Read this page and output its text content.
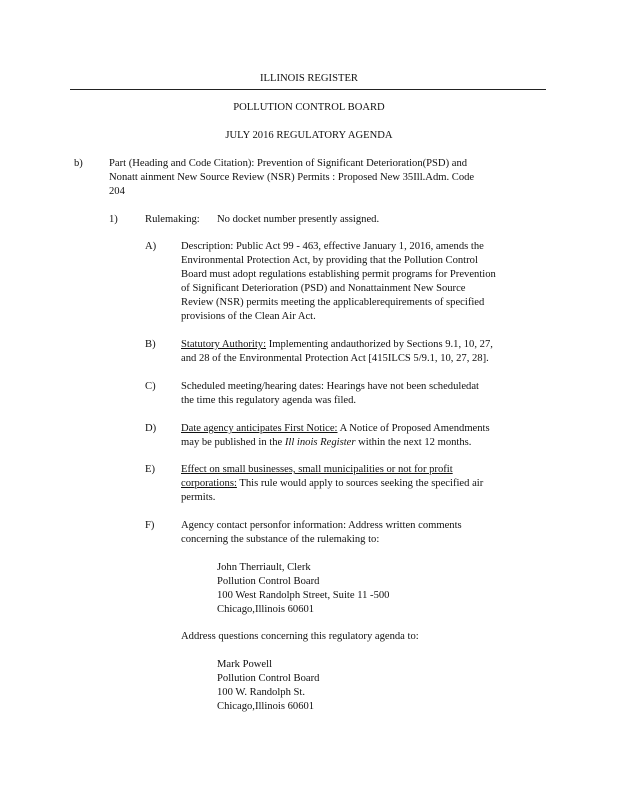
ILLINOIS REGISTER
POLLUTION CONTROL BOARD
JULY 2016 REGULATORY AGENDA
b) Part (Heading and Code Citation): Prevention of Significant Deterioration(PSD) and
Nonatt ainment New Source Review (NSR) Permits : Proposed New 35Ill.Adm. Code
204
1)	Rulemaking: No docket number presently assigned.
A) Description: Public Act 99 - 463, effective January 1, 2016, amends the
Environmental Protection Act, by providing that the Pollution Control
Board must adopt regulations establishing permit programs for Prevention
of Significant Deterioration (PSD) and Nonattainment New Source
Review (NSR) permits meeting the applicablerequirements of specified
provisions of the Clean Air Act.
B) Statutory Authority: Implementing andauthorized by Sections 9.1, 10, 27,
and 28 of the Environmental Protection Act [415ILCS 5/9.1, 10, 27, 28].
C) Scheduled meeting/hearing dates: Hearings have not been scheduledat
the time this regulatory agenda was filed.
D) Date agency anticipates First Notice: A Notice of Proposed Amendments
may be published in the Ill inois Register within the next 12 months.
E) Effect on small businesses, small municipalities or not for profit
corporations: This rule would apply to sources seeking the specified air
permits.
F)	Agency contact personfor information: Address written comments
concerning the substance of the rulemaking to:
John Therriault, Clerk
Pollution Control Board
100 West Randolph Street, Suite 11 -500
Chicago,Illinois 60601
Address questions concerning this regulatory agenda to:
Mark Powell
Pollution Control Board
100 W. Randolph St.
Chicago,Illinois 60601
